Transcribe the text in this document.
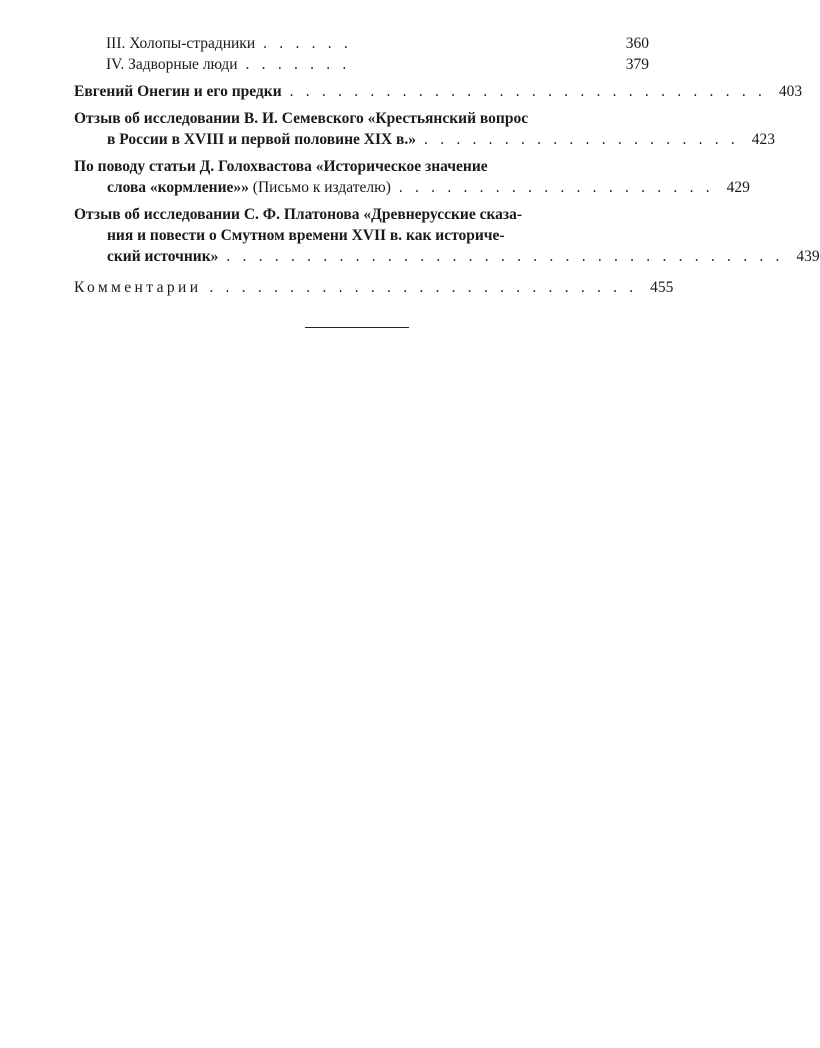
III. Холопы-страдники . . . . . .	360
IV. Задворные люди . . . . . . .	379
Евгений Онегин и его предки . . . . . . . . . . . . . . . . . . . . . . . . . . . . . . 403
Отзыв об исследовании В. И. Семевского «Крестьянский вопрос
в России в XVIII и первой половине XIX в.» . . . . . . . . . . . . . . . . . . . . 423
По поводу статьи Д. Голохвастова «Историческое значение
слова «кормление»» (Письмо к издателю) . . . . . . . . . . . . . . . . . . . . 429
Отзыв об исследовании С. Ф. Платонова «Древнерусские сказа-
ния и повести о Смутном времени XVII в. как историче-
ский источник» . . . . . . . . . . . . . . . . . . . . . . . . . . . . . . . . . . . 439
Комментарии . . . . . . . . . . . . . . . . . . . . . . . . . . . 455
